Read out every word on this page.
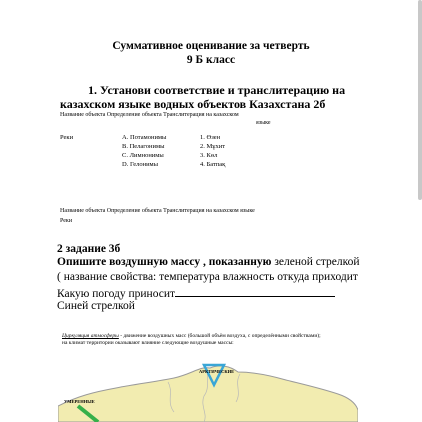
Суммативное оценивание за четверть
9 Б класс
1. Установи соответствие и транслитерацию на
казахском языке водных объектов Казахстана 2б
Название объекта Определение объекта Транслитерация на казахском
языке
Реки	А. Потамонимы
В. Пелагонимы
С. Лимнонимы
D. Гелонимы
1. Өзен
2. Мұхит
3. Көл
4. Батпақ
Название объекта Определение объекта Транслитерация на казахском языке
Реки
2 задание 3б
Опишите воздушную массу , показанную зеленой стрелкой
( название свойства: температура влажность откуда приходит
Какую погоду приносит
Синей стрелкой
Циркуляция атмосферы - движение воздушных масс (большой объём воздуха, с определёнными свойствами); на климат территории оказывают влияние следующие воздушные массы:
АРКТИЧЕСКИЕ
УМЕРЕННЫЕ
